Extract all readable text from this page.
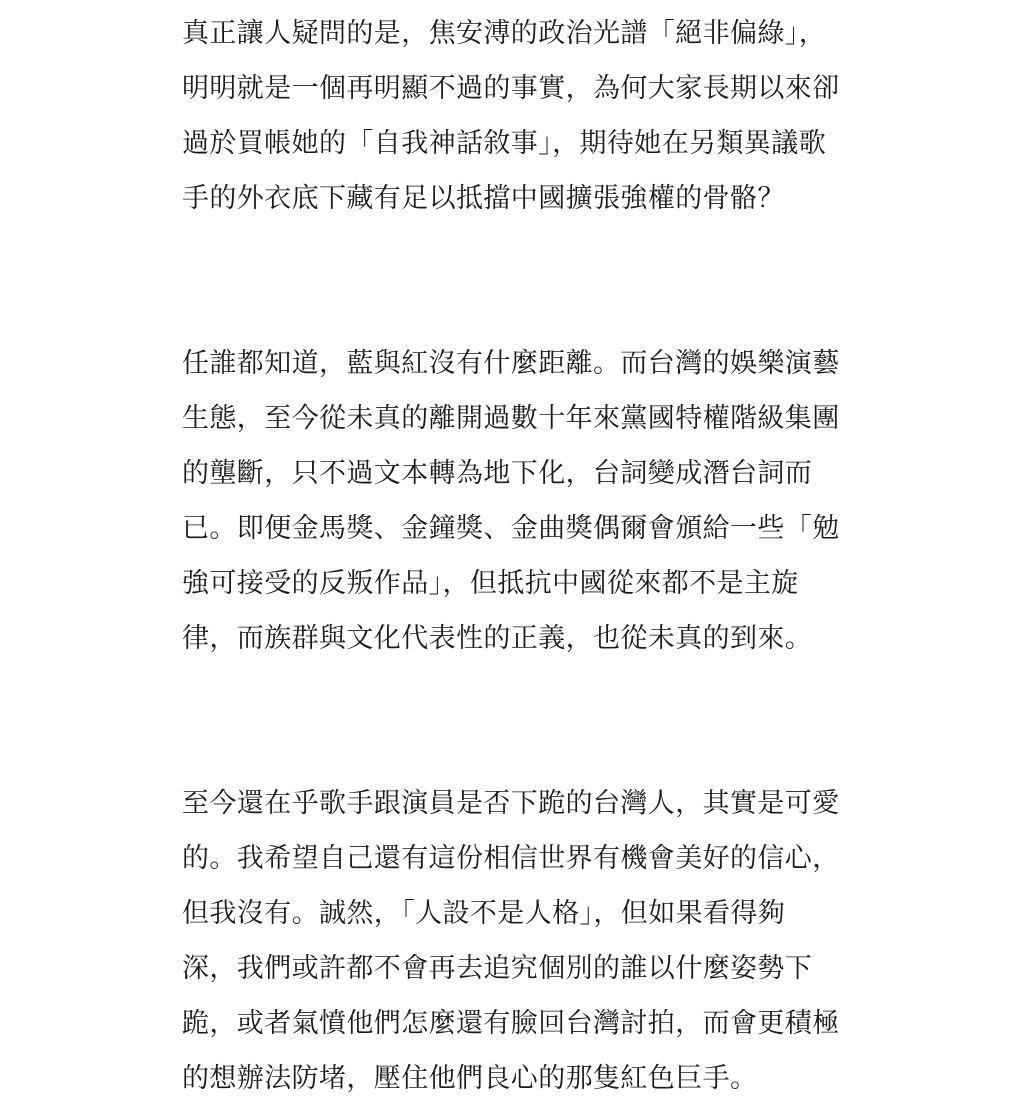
真正讓人疑問的是，焦安溥的政治光譜「絕非偏綠」，
明明就是一個再明顯不過的事實，為何大家長期以來卻
過於買帳她的「自我神話敘事」，期待她在另類異議歌
手的外衣底下藏有足以抵擋中國擴張強權的骨骼？

任誰都知道，藍與紅沒有什麼距離。而台灣的娛樂演藝
生態，至今從未真的離開過數十年來黨國特權階級集團
的壟斷，只不過文本轉為地下化，台詞變成潛台詞而
已。即便金馬獎、金鐘獎、金曲獎偶爾會頒給一些「勉
強可接受的反叛作品」，但抵抗中國從來都不是主旋
律，而族群與文化代表性的正義，也從未真的到來。

至今還在乎歌手跟演員是否下跪的台灣人，其實是可愛
的。我希望自己還有這份相信世界有機會美好的信心，
但我沒有。誠然，「人設不是人格」，但如果看得夠
深，我們或許都不會再去追究個別的誰以什麼姿勢下
跪，或者氣憤他們怎麼還有臉回台灣討拍，而會更積極
的想辦法防堵，壓住他們良心的那隻紅色巨手。
